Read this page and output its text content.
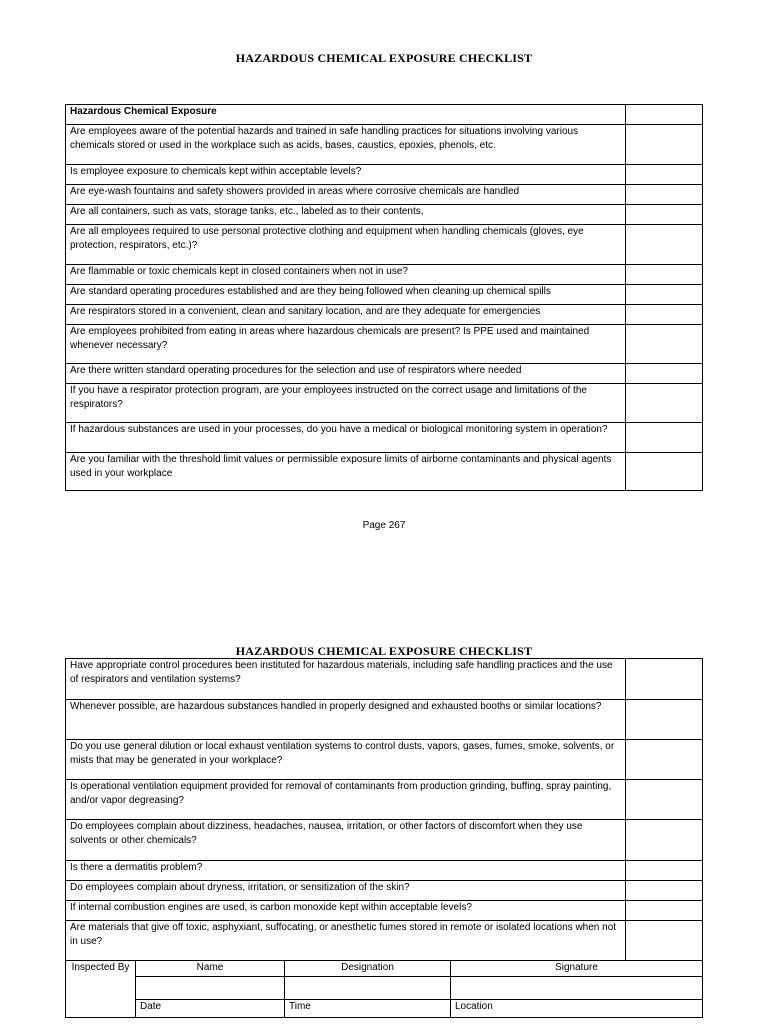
HAZARDOUS CHEMICAL EXPOSURE CHECKLIST
Hazardous Chemical Exposure	
Are employees aware of the potential hazards and trained in safe handling practices for situations involving various chemicals stored or used in the workplace such as acids, bases, caustics, epoxies, phenols, etc.	
Is employee exposure to chemicals kept within acceptable levels?	
Are eye-wash fountains and safety showers provided in areas where corrosive chemicals are handled	
Are all containers, such as vats, storage tanks, etc., labeled as to their contents,	
Are all employees required to use personal protective clothing and equipment when handling chemicals (gloves, eye protection, respirators, etc.)?	
Are flammable or toxic chemicals kept in closed containers when not in use?	
Are standard operating procedures established and are they being followed when cleaning up chemical spills	
Are respirators stored in a convenient, clean and sanitary location, and are they adequate for emergencies	
Are employees prohibited from eating in areas where hazardous chemicals are present? Is PPE used and maintained whenever necessary?	
Are there written standard operating procedures for the selection and use of respirators where needed	
If you have a respirator protection program, are your employees instructed on the correct usage and limitations of the respirators?	
If hazardous substances are used in your processes, do you have a medical or biological monitoring system in operation?	
Are you familiar with the threshold limit values or permissible exposure limits of airborne contaminants and physical agents used in your workplace	
Page 267
HAZARDOUS CHEMICAL EXPOSURE CHECKLIST
Have appropriate control procedures been instituted for hazardous materials, including safe handling practices and the use of respirators and ventilation systems?	
Whenever possible, are hazardous substances handled in properly designed and exhausted booths or similar locations?	
Do you use general dilution or local exhaust ventilation systems to control dusts, vapors, gases, fumes, smoke, solvents, or mists that may be generated in your workplace?	
Is operational ventilation equipment provided for removal of contaminants from production grinding, buffing, spray painting, and/or vapor degreasing?	
Do employees complain about dizziness, headaches, nausea, irritation, or other factors of discomfort when they use solvents or other chemicals?	
Is there a dermatitis problem?	
Do employees complain about dryness, irritation, or sensitization of the skin?	
If internal combustion engines are used, is carbon monoxide kept within acceptable levels?	
Are materials that give off toxic, asphyxiant, suffocating, or anesthetic fumes stored in remote or isolated locations when not in use?	
Inspected By	Name	Designation	Signature

	Date	Time	Location
